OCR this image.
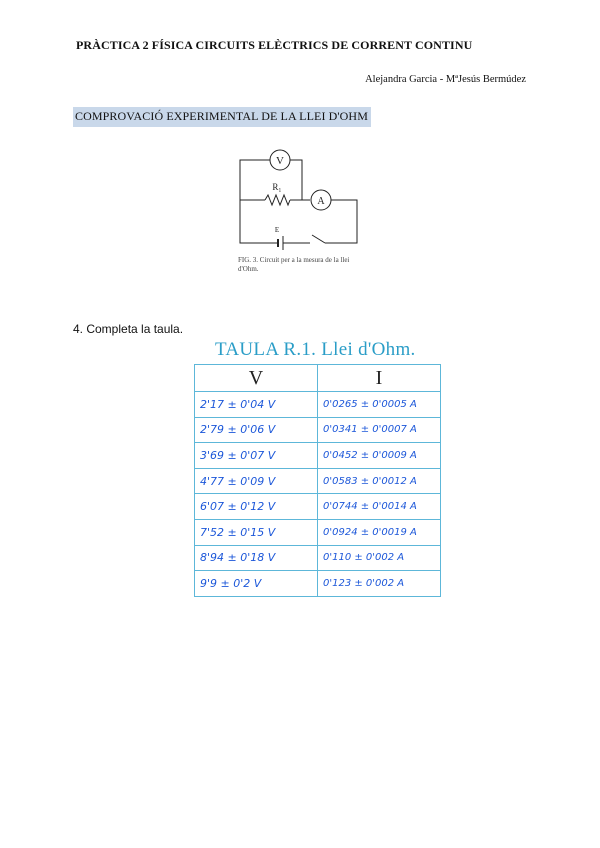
PRÀCTICA 2 FÍSICA CIRCUITS ELÈCTRICS DE CORRENT CONTINU
Alejandra Garcia - MªJesús Bermúdez
COMPROVACIÓ EXPERIMENTAL DE LA LLEI D'OHM
V
R₁
A
E
FIG. 3. Circuit per a la mesura de la llei
d'Ohm.
4. Completa la taula.
TAULA R.1. Llei d'Ohm.
V	I
2'17 ± 0'04 V	0'0265 ± 0'0005 A
2'79 ± 0'06 V	0'0341 ± 0'0007 A
3'69 ± 0'07 V	0'0452 ± 0'0009 A
4'77 ± 0'09 V	0'0583 ± 0'0012 A
6'07 ± 0'12 V	0'0744 ± 0'0014 A
7'52 ± 0'15 V	0'0924 ± 0'0019 A
8'94 ± 0'18 V	0'110 ± 0'002 A
9'9 ± 0'2 V	0'123 ± 0'002 A
